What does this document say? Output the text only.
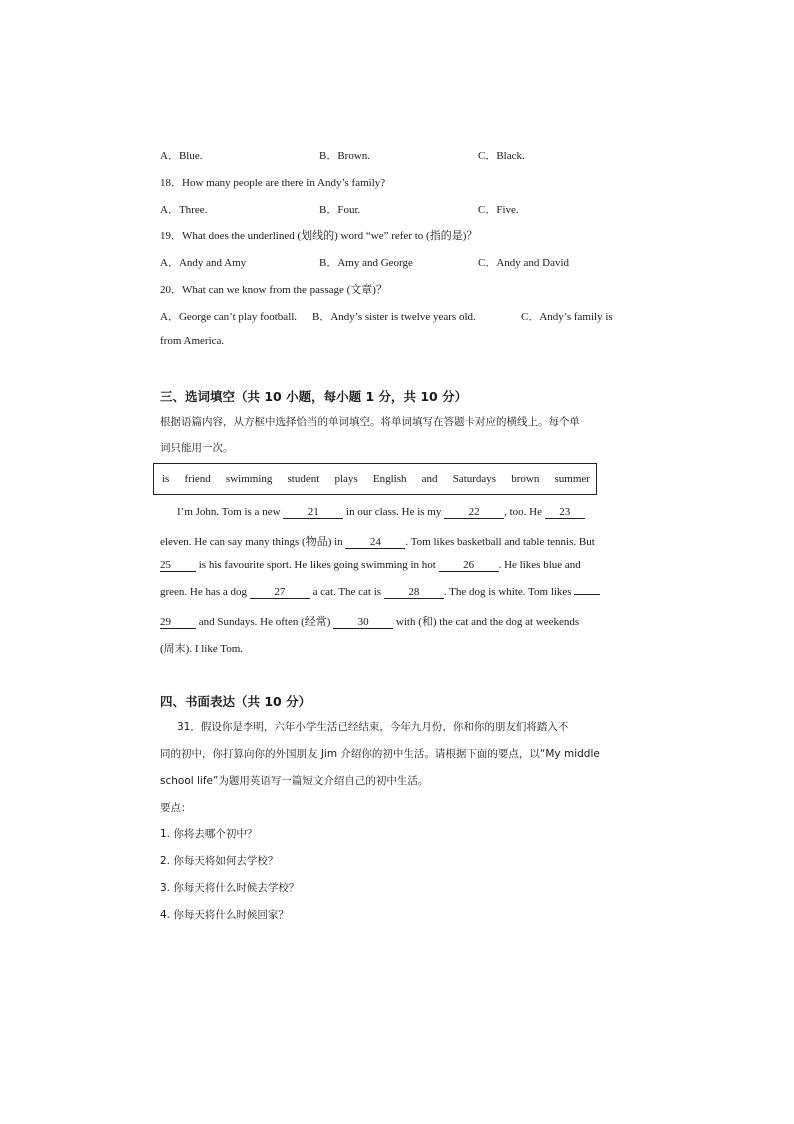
A．Blue.	B．Brown.	C．Black.
18．How many people are there in Andy’s family?
A．Three.	B．Four.	C．Five.
19．What does the underlined (划线的) word “we” refer to (指的是)？
A．Andy and Amy	B．Amy and George	C．Andy and David
20．What can we know from the passage (文章)？
A．George can’t play football. B．Andy’s sister is twelve years old.	C．Andy’s family is
from America.
三、选词填空（共 10 小题，每小题 1 分，共 10 分）
根据语篇内容，从方框中选择恰当的单词填空。将单词填写在答题卡对应的横线上。每个单
词只能用一次。
is friend swimming student plays English and Saturdays brown summer
I’m John. Tom is a new 21 in our class. He is my 22 , too. He 23
eleven. He can say many things (物品) in 24 . Tom likes basketball and table tennis. But
25 is his favourite sport. He likes going swimming in hot 26 . He likes blue and
green. He has a dog 27 a cat. The cat is 28 . The dog is white. Tom likes
29 and Sundays. He often (经常) 30 with (和) the cat and the dog at weekends
(周末). I like Tom.
四、书面表达（共 10 分）
31．假设你是李明，六年小学生活已经结束，今年九月份，你和你的朋友们将踏入不
同的初中，你打算向你的外国朋友 Jim 介绍你的初中生活。请根据下面的要点，以“My middle
school life”为题用英语写一篇短文介绍自己的初中生活。
要点：
1. 你将去哪个初中？
2. 你每天将如何去学校？
3. 你每天将什么时候去学校？
4. 你每天将什么时候回家？
